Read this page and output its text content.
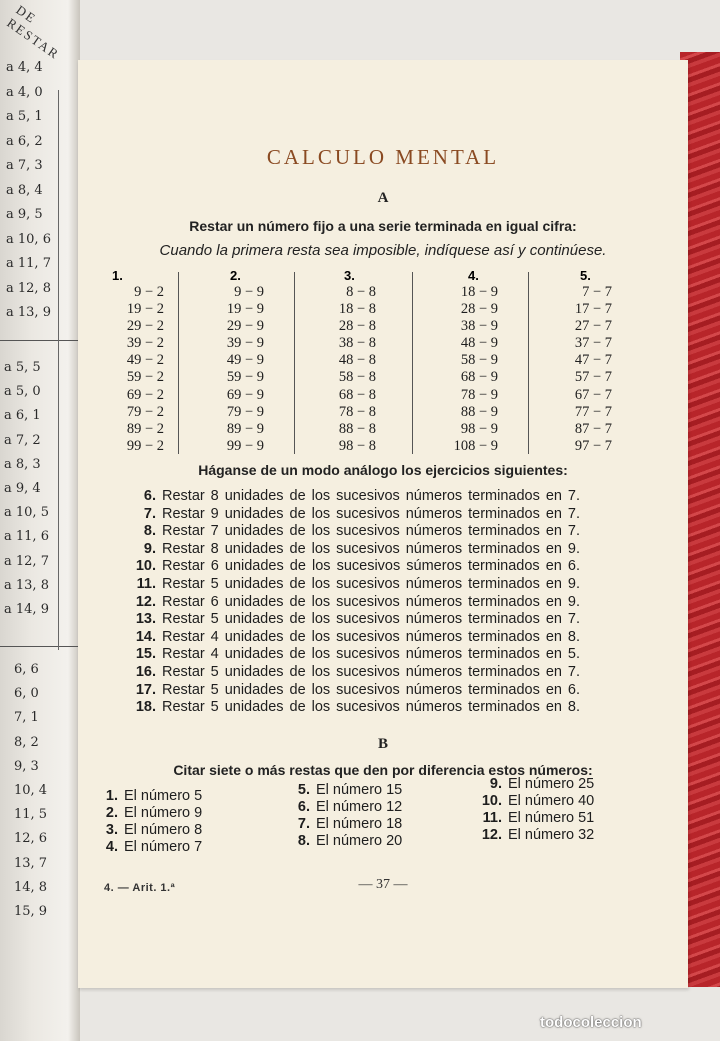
DE RESTAR
a 4, 4
a 4, 0
a 5, 1
a 6, 2
a 7, 3
a 8, 4
a 9, 5
a 10, 6
a 11, 7
a 12, 8
a 13, 9
a 5, 5
a 5, 0
a 6, 1
a 7, 2
a 8, 3
a 9, 4
a 10, 5
a 11, 6
a 12, 7
a 13, 8
a 14, 9
6, 6
6, 0
7, 1
8, 2
9, 3
10, 4
11, 5
12, 6
13, 7
14, 8
15, 9
CALCULO MENTAL
A
Restar un número fijo a una serie terminada en igual cifra:
Cuando la primera resta sea imposible, indíquese así y continúese.
1.
9 − 2
19 − 2
29 − 2
39 − 2
49 − 2
59 − 2
69 − 2
79 − 2
89 − 2
99 − 2
2.
9 − 9
19 − 9
29 − 9
39 − 9
49 − 9
59 − 9
69 − 9
79 − 9
89 − 9
99 − 9
3.
8 − 8
18 − 8
28 − 8
38 − 8
48 − 8
58 − 8
68 − 8
78 − 8
88 − 8
98 − 8
4.
18 − 9
28 − 9
38 − 9
48 − 9
58 − 9
68 − 9
78 − 9
88 − 9
98 − 9
108 − 9
5.
7 − 7
17 − 7
27 − 7
37 − 7
47 − 7
57 − 7
67 − 7
77 − 7
87 − 7
97 − 7
Háganse de un modo análogo los ejercicios siguientes:
6. Restar 8 unidades de los sucesivos números terminados en 7.
7. Restar 9 unidades de los sucesivos números terminados en 7.
8. Restar 7 unidades de los sucesivos números terminados en 7.
9. Restar 8 unidades de los sucesivos números terminados en 9.
10. Restar 6 unidades de los sucesivos súmeros terminados en 6.
11. Restar 5 unidades de los sucesivos números terminados en 9.
12. Restar 6 unidades de los sucesivos números terminados en 9.
13. Restar 5 unidades de los sucesivos números terminados en 7.
14. Restar 4 unidades de los sucesivos números terminados en 8.
15. Restar 4 unidades de los sucesivos números terminados en 5.
16. Restar 5 unidades de los sucesivos números terminados en 7.
17. Restar 5 unidades de los sucesivos números terminados en 6.
18. Restar 5 unidades de los sucesivos números terminados en 8.
B
Citar siete o más restas que den por diferencia estos números:
1. El número 5
2. El número 9
3. El número 8
4. El número 7
5. El número 15
6. El número 12
7. El número 18
8. El número 20
9. El número 25
10. El número 40
11. El número 51
12. El número 32
4. — Arit. 1.ª	— 37 —
todocoleccion
